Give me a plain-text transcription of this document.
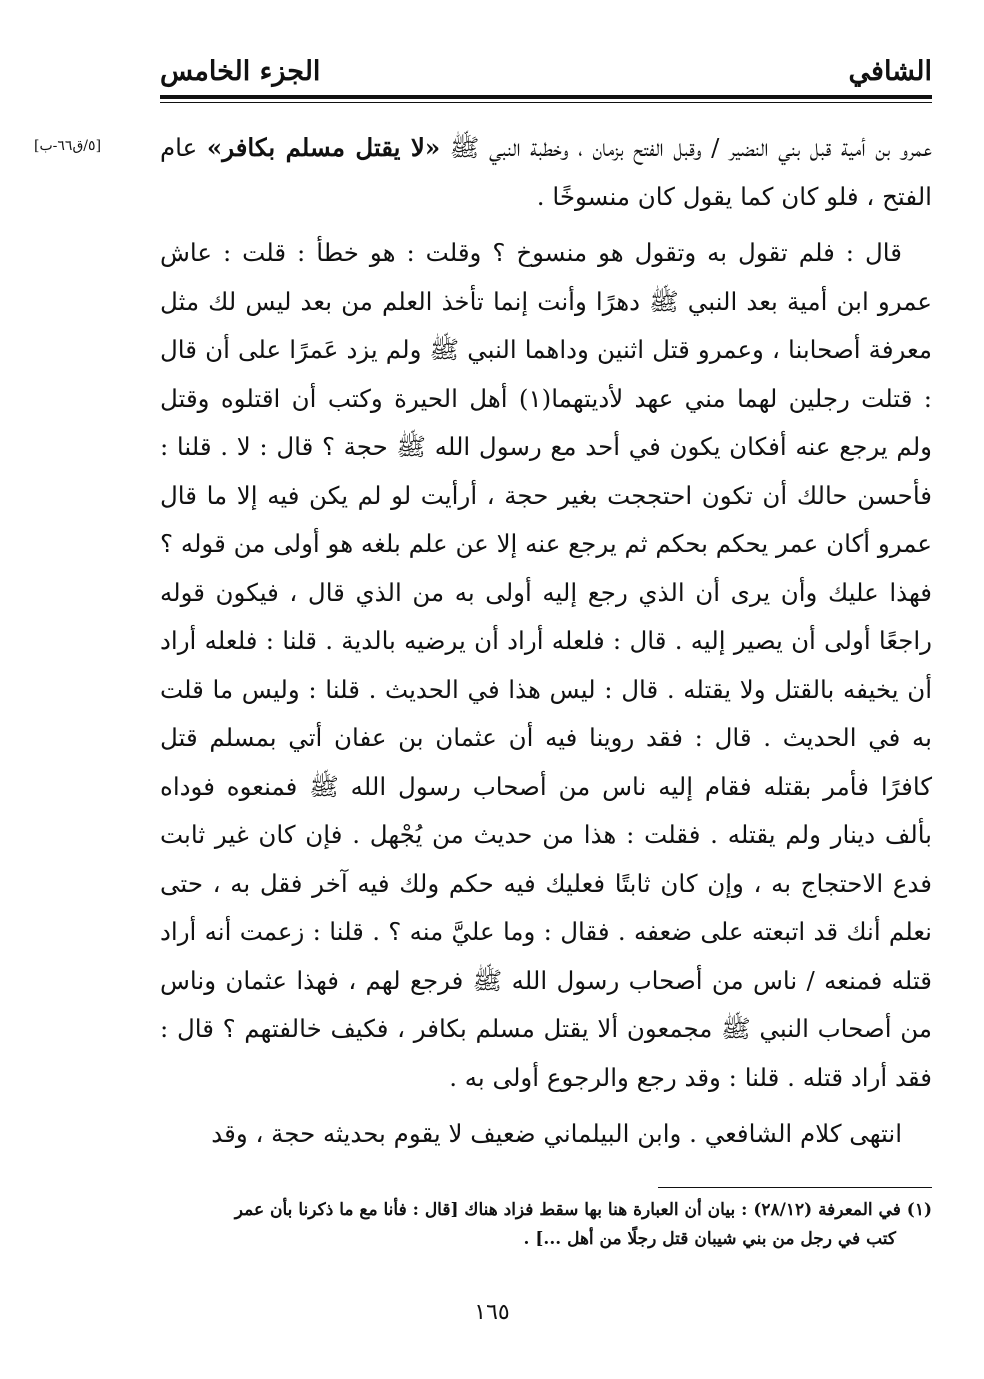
الشافي
الجزء الخامس
[٥/ق٦٦-ب]	عمرو بن أمية قبل بني النضير / وقبل الفتح بزمان ، وخطبة النبي ﷺ «لا يقتل مسلم بكافر» عام الفتح ، فلو كان كما يقول كان منسوخًا .

قال : فلم تقول به وتقول هو منسوخ ؟ وقلت : هو خطأ : قلت : عاش عمرو ابن أمية بعد النبي ﷺ دهرًا وأنت إنما تأخذ العلم من بعد ليس لك مثل معرفة أصحابنا ، وعمرو قتل اثنين وداهما النبي ﷺ ولم يزد عَمرًا على أن قال : قتلت رجلين لهما مني عهد لأديتهما(١) أهل الحيرة وكتب أن اقتلوه وقتل ولم يرجع عنه أفكان يكون في أحد مع رسول الله ﷺ حجة ؟ قال : لا . قلنا : فأحسن حالك أن تكون احتججت بغير حجة ، أرأيت لو لم يكن فيه إلا ما قال عمرو أكان عمر يحكم بحكم ثم يرجع عنه إلا عن علم بلغه هو أولى من قوله ؟ فهذا عليك وأن يرى أن الذي رجع إليه أولى به من الذي قال ، فيكون قوله راجعًا أولى أن يصير إليه . قال : فلعله أراد أن يرضيه بالدية . قلنا : فلعله أراد أن يخيفه بالقتل ولا يقتله . قال : ليس هذا في الحديث . قلنا : وليس ما قلت به في الحديث . قال : فقد روينا فيه أن عثمان بن عفان أتي بمسلم قتل كافرًا فأمر بقتله فقام إليه ناس من أصحاب رسول الله ﷺ فمنعوه فوداه بألف دينار ولم يقتله . فقلت : هذا من حديث من يُجْهل . فإن كان غير ثابت فدع الاحتجاج به ، وإن كان ثابتًا فعليك فيه حكم ولك فيه آخر فقل به ، حتى نعلم أنك قد اتبعته على ضعفه . فقال : وما عليَّ منه ؟ . قلنا : زعمت أنه أراد قتله فمنعه / ناس من أصحاب رسول الله ﷺ فرجع لهم ، فهذا عثمان وناس من أصحاب النبي ﷺ مجمعون ألا يقتل مسلم بكافر ، فكيف خالفتهم ؟ قال : فقد أراد قتله . قلنا : وقد رجع والرجوع أولى به .

انتهى كلام الشافعي . وابن البيلماني ضعيف لا يقوم بحديثه حجة ، وقد

(١) في المعرفة (٢٨/١٢) : بيان أن العبارة هنا بها سقط فزاد هناك [قال : فأنا مع ما ذكرنا بأن عمر

كتب في رجل من بني شيبان قتل رجلًا من أهل ...] .

١٦٥
